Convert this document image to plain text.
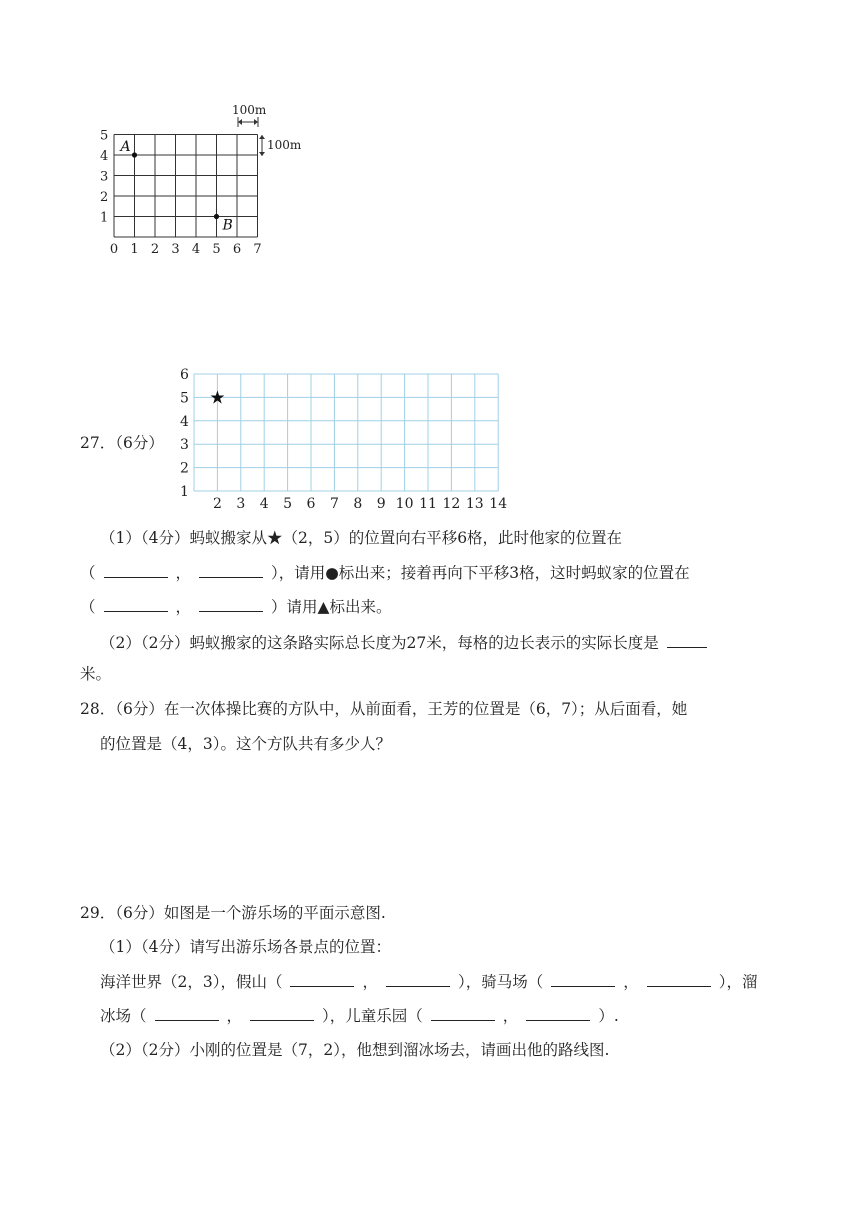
5
4
3
2
1
0 1 2 3 4 5 6 7
A
B
100m
100m
27．（6分）
6
5
4
3
2
1
2 3 4 5 6 7 8 9 10 11 12 13 14
★
（1）（4分）蚂蚁搬家从★（2，5）的位置向右平移6格，此时他家的位置在
（	，	），请用●标出来；接着再向下平移3格，这时蚂蚁家的位置在
（	，	）请用▲标出来。
（2）（2分）蚂蚁搬家的这条路实际总长度为27米，每格的边长表示的实际长度是
米。
28．（6分）在一次体操比赛的方队中，从前面看，王芳的位置是（6，7）；从后面看，她
的位置是（4，3）。这个方队共有多少人？
29．（6分）如图是一个游乐场的平面示意图.
（1）（4分）请写出游乐场各景点的位置：
海洋世界（2，3），假山（	，	），骑马场（	，	），溜
冰场（	，	），儿童乐园（	，	）.
（2）（2分）小刚的位置是（7，2），他想到溜冰场去，请画出他的路线图.
